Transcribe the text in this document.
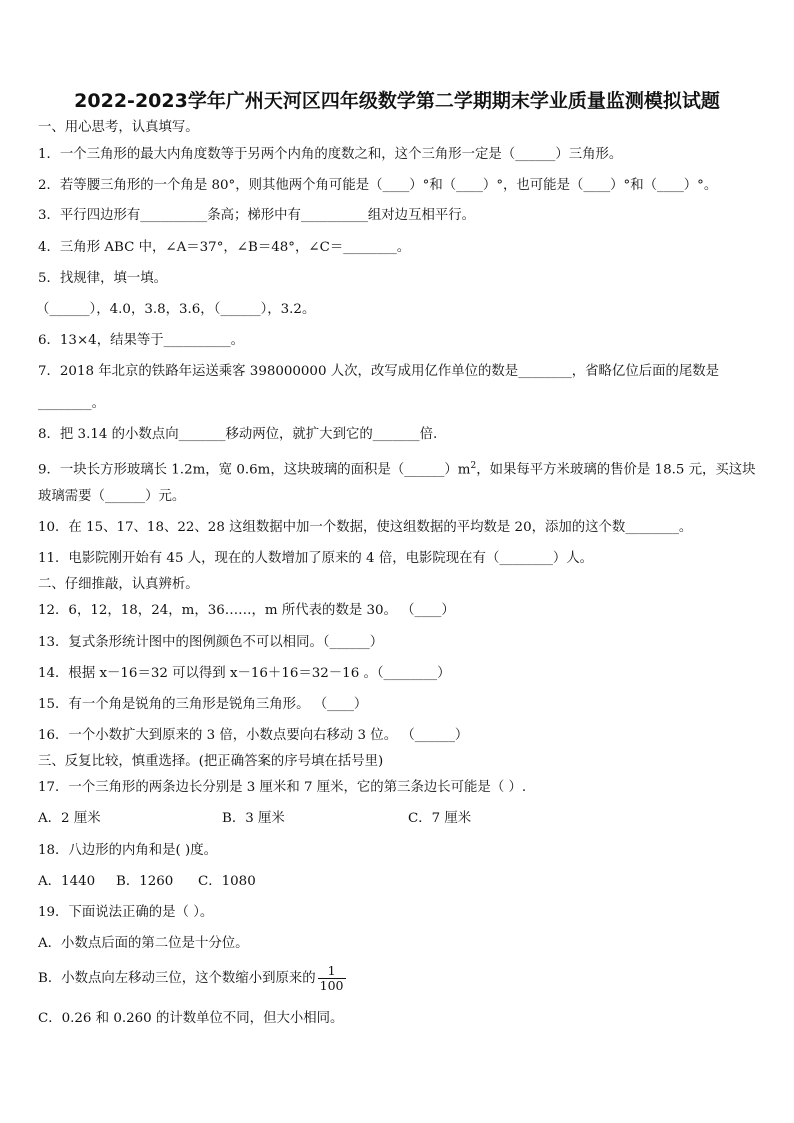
2022-2023学年广州天河区四年级数学第二学期期末学业质量监测模拟试题
一、用心思考，认真填写。
1．一个三角形的最大内角度数等于另两个内角的度数之和，这个三角形一定是（______）三角形。
2．若等腰三角形的一个角是 80°，则其他两个角可能是（____）°和（____）°，也可能是（____）°和（____）°。
3．平行四边形有__________条高；梯形中有__________组对边互相平行。
4．三角形 ABC 中，∠A＝37°，∠B＝48°，∠C＝________。
5．找规律，填一填。
（______），4.0，3.8，3.6，（______），3.2。
6．13×4，结果等于__________。
7．2018 年北京的铁路年运送乘客 398000000 人次，改写成用亿作单位的数是________，省略亿位后面的尾数是
________。
8．把 3.14 的小数点向_______移动两位，就扩大到它的_______倍.
9．一块长方形玻璃长 1.2m，宽 0.6m，这块玻璃的面积是$(\_\_\_\_\_\_)m^2$，如果每平方米玻璃的售价是 18.5 元，买这块
玻璃需要（______）元。
10．在 15、17、18、22、28 这组数据中加一个数据，使这组数据的平均数是 20，添加的这个数________。
11．电影院刚开始有 45 人，现在的人数增加了原来的 4 倍，电影院现在有（________）人。
二、仔细推敲，认真辨析。
12．6，12，18，24，m，36……，m 所代表的数是 30。 （____）
13．复式条形统计图中的图例颜色不可以相同。（______）
14．根据 x－16＝32 可以得到 x－16＋16＝32－16 。（________）
15．有一个角是锐角的三角形是锐角三角形。 （____）
16．一个小数扩大到原来的 3 倍，小数点要向右移动 3 位。 （______）
三、反复比较，慎重选择。(把正确答案的序号填在括号里)
17．一个三角形的两条边长分别是 3 厘米和 7 厘米，它的第三条边长可能是（ ）.
A．2 厘米	B．3 厘米	C．7 厘米
18．八边形的内角和是( )度。
A．1440 B．1260 C．1080
19．下面说法正确的是（ ）。
A．小数点后面的第二位是十分位。
B．小数点向左移动三位，这个数缩小到原来的 $\frac{1}{100}$
C．0.26 和 0.260 的计数单位不同，但大小相同。
